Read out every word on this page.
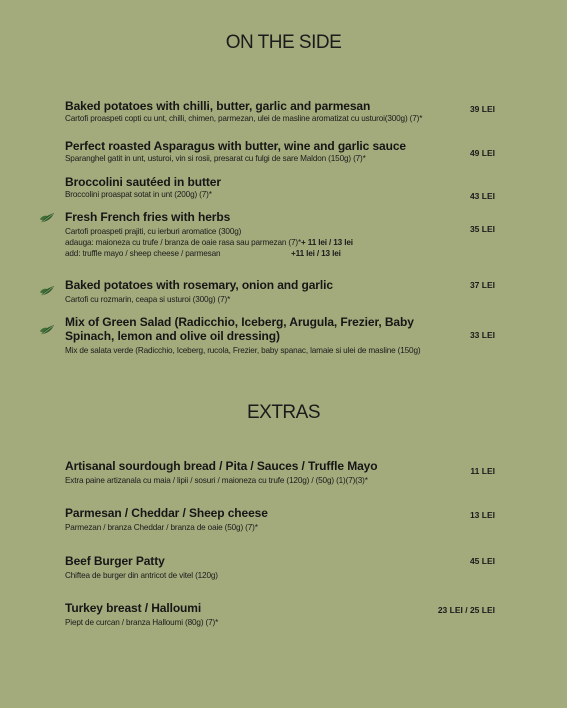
ON THE SIDE
Baked potatoes with chilli, butter, garlic and parmesan
Cartofi proaspeti copti cu unt, chilli, chimen, parmezan, ulei de masline aromatizat cu usturoi(300g) (7)*
39 LEI
Perfect roasted Asparagus with butter, wine and garlic sauce
Sparanghel gatit in unt, usturoi, vin si rosii, presarat cu fulgi de sare Maldon (150g) (7)*
49 LEI
Broccolini sautéed in butter
Broccolini proaspat sotat in unt (200g) (7)*	43 LEI
Fresh French fries with herbs
Cartofi proaspeti prajiti, cu ierburi aromatice (300g)
adauga: maioneza cu trufe / branza de oaie rasa sau parmezan (7)* + 11 lei / 13 lei
add: truffle mayo / sheep cheese / parmesan	+11 lei / 13 lei
35 LEI
Baked potatoes with rosemary, onion and garlic
Cartofi cu rozmarin, ceapa si usturoi (300g) (7)*
37 LEI
Mix of Green Salad (Radicchio, Iceberg, Arugula, Frezier, Baby Spinach, lemon and olive oil dressing)
Mix de salata verde (Radicchio, Iceberg, rucola, Frezier, baby spanac, lamaie si ulei de masline (150g)
33 LEI
EXTRAS
Artisanal sourdough bread / Pita / Sauces / Truffle Mayo
Extra paine artizanala cu maia / lipii / sosuri / maioneza cu trufe (120g) / (50g) (1)(7)(3)*
11 LEI
Parmesan / Cheddar / Sheep cheese
Parmezan / branza Cheddar / branza de oaie (50g) (7)*
13 LEI
Beef Burger Patty
Chiftea de burger din antricot de vitel (120g)
45 LEI
Turkey breast / Halloumi
Piept de curcan / branza Halloumi (80g) (7)*
23 LEI / 25 LEI
